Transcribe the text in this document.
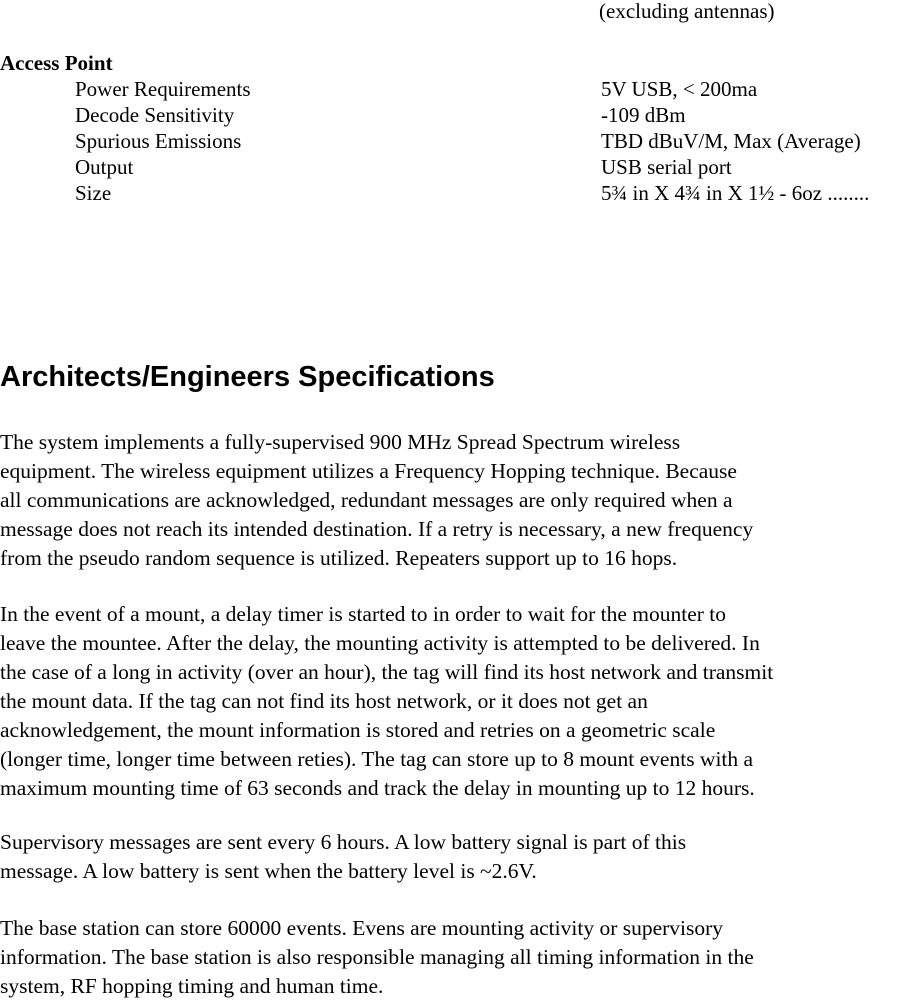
(excluding antennas)
Access Point
Power Requirements	5V USB, < 200ma
Decode Sensitivity	-109 dBm
Spurious Emissions	TBD dBuV/M, Max (Average)
Output	USB serial port
Size	5¾ in X 4¾ in X 1½ - 6oz ........
Architects/Engineers Specifications
The system implements a fully-supervised 900 MHz Spread Spectrum wireless
equipment. The wireless equipment utilizes a Frequency Hopping technique. Because
all communications are acknowledged, redundant messages are only required when a
message does not reach its intended destination. If a retry is necessary, a new frequency
from the pseudo random sequence is utilized. Repeaters support up to 16 hops.
In the event of a mount, a delay timer is started to in order to wait for the mounter to
leave the mountee. After the delay, the mounting activity is attempted to be delivered. In
the case of a long in activity (over an hour), the tag will find its host network and transmit
the mount data. If the tag can not find its host network, or it does not get an
acknowledgement, the mount information is stored and retries on a geometric scale
(longer time, longer time between reties). The tag can store up to 8 mount events with a
maximum mounting time of 63 seconds and track the delay in mounting up to 12 hours.
Supervisory messages are sent every 6 hours. A low battery signal is part of this
message. A low battery is sent when the battery level is ~2.6V.
The base station can store 60000 events. Evens are mounting activity or supervisory
information. The base station is also responsible managing all timing information in the
system, RF hopping timing and human time.
